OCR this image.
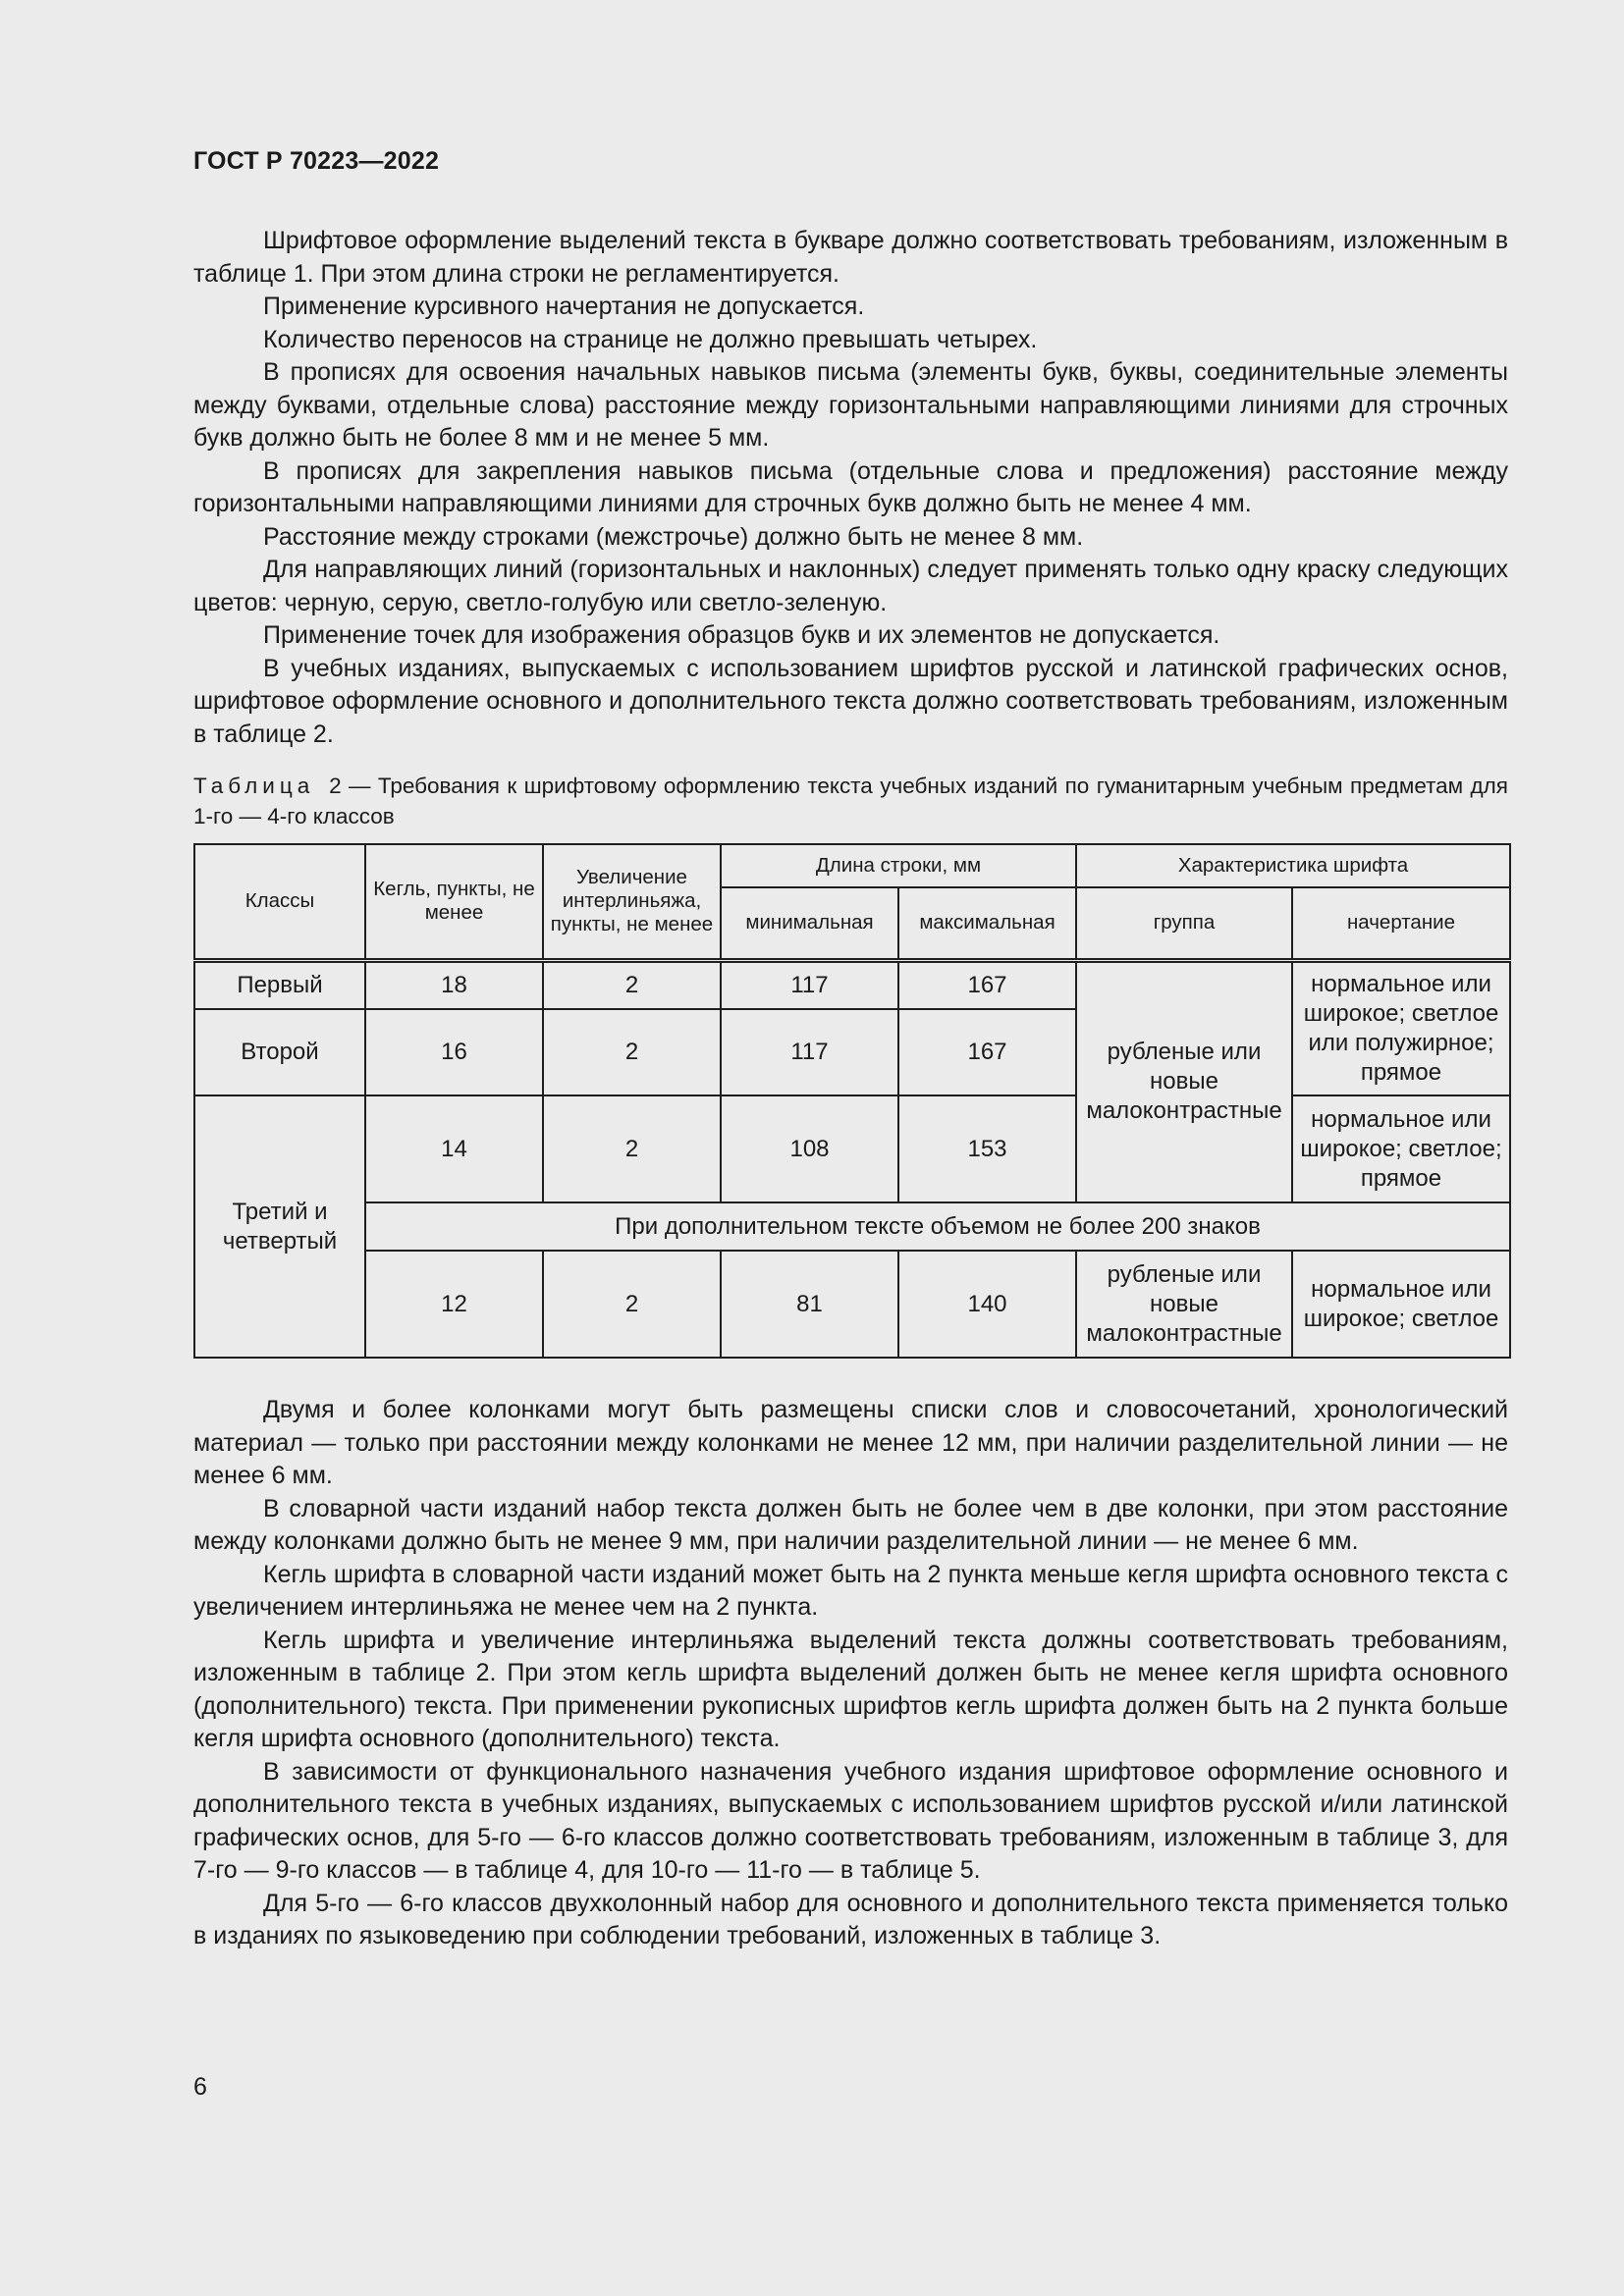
ГОСТ Р 70223—2022

Шрифтовое оформление выделений текста в букваре должно соответствовать требованиям, изложенным в таблице 1. При этом длина строки не регламентируется.

Применение курсивного начертания не допускается.

Количество переносов на странице не должно превышать четырех.

В прописях для освоения начальных навыков письма (элементы букв, буквы, соединительные элементы между буквами, отдельные слова) расстояние между горизонтальными направляющими линиями для строчных букв должно быть не более 8 мм и не менее 5 мм.

В прописях для закрепления навыков письма (отдельные слова и предложения) расстояние между горизонтальными направляющими линиями для строчных букв должно быть не менее 4 мм.

Расстояние между строками (межстрочье) должно быть не менее 8 мм.

Для направляющих линий (горизонтальных и наклонных) следует применять только одну краску следующих цветов: черную, серую, светло-голубую или светло-зеленую.

Применение точек для изображения образцов букв и их элементов не допускается.

В учебных изданиях, выпускаемых с использованием шрифтов русской и латинской графических основ, шрифтовое оформление основного и дополнительного текста должно соответствовать требованиям, изложенным в таблице 2.

Таблица 2 — Требования к шрифтовому оформлению текста учебных изданий по гуманитарным учебным предметам для 1-го — 4-го классов
Классы	Кегль, пункты, не менее	Увеличение интерлиньяжа, пункты, не менее	Длина строки, мм		Характеристика шрифта	
			минимальная	максимальная	группа	начертание
Первый	18	2	117	167	рубленые или новые малоконтрастные	нормальное или широкое; светлое или полужирное; прямое
Второй	16	2	117	167		
Третий и четвертый	14	2	108	153		нормальное или широкое; светлое; прямое
	При дополнительном тексте объемом не более 200 знаков					
	12	2	81	140	рубленые или новые малоконтрастные	нормальное или широкое; светлое

Двумя и более колонками могут быть размещены списки слов и словосочетаний, хронологический материал — только при расстоянии между колонками не менее 12 мм, при наличии разделительной линии — не менее 6 мм.

В словарной части изданий набор текста должен быть не более чем в две колонки, при этом расстояние между колонками должно быть не менее 9 мм, при наличии разделительной линии — не менее 6 мм.

Кегль шрифта в словарной части изданий может быть на 2 пункта меньше кегля шрифта основного текста с увеличением интерлиньяжа не менее чем на 2 пункта.

Кегль шрифта и увеличение интерлиньяжа выделений текста должны соответствовать требованиям, изложенным в таблице 2. При этом кегль шрифта выделений должен быть не менее кегля шрифта основного (дополнительного) текста. При применении рукописных шрифтов кегль шрифта должен быть на 2 пункта больше кегля шрифта основного (дополнительного) текста.

В зависимости от функционального назначения учебного издания шрифтовое оформление основного и дополнительного текста в учебных изданиях, выпускаемых с использованием шрифтов русской и/или латинской графических основ, для 5-го — 6-го классов должно соответствовать требованиям, изложенным в таблице 3, для 7-го — 9-го классов — в таблице 4, для 10-го — 11-го — в таблице 5.

Для 5-го — 6-го классов двухколонный набор для основного и дополнительного текста применяется только в изданиях по языковедению при соблюдении требований, изложенных в таблице 3.

6
